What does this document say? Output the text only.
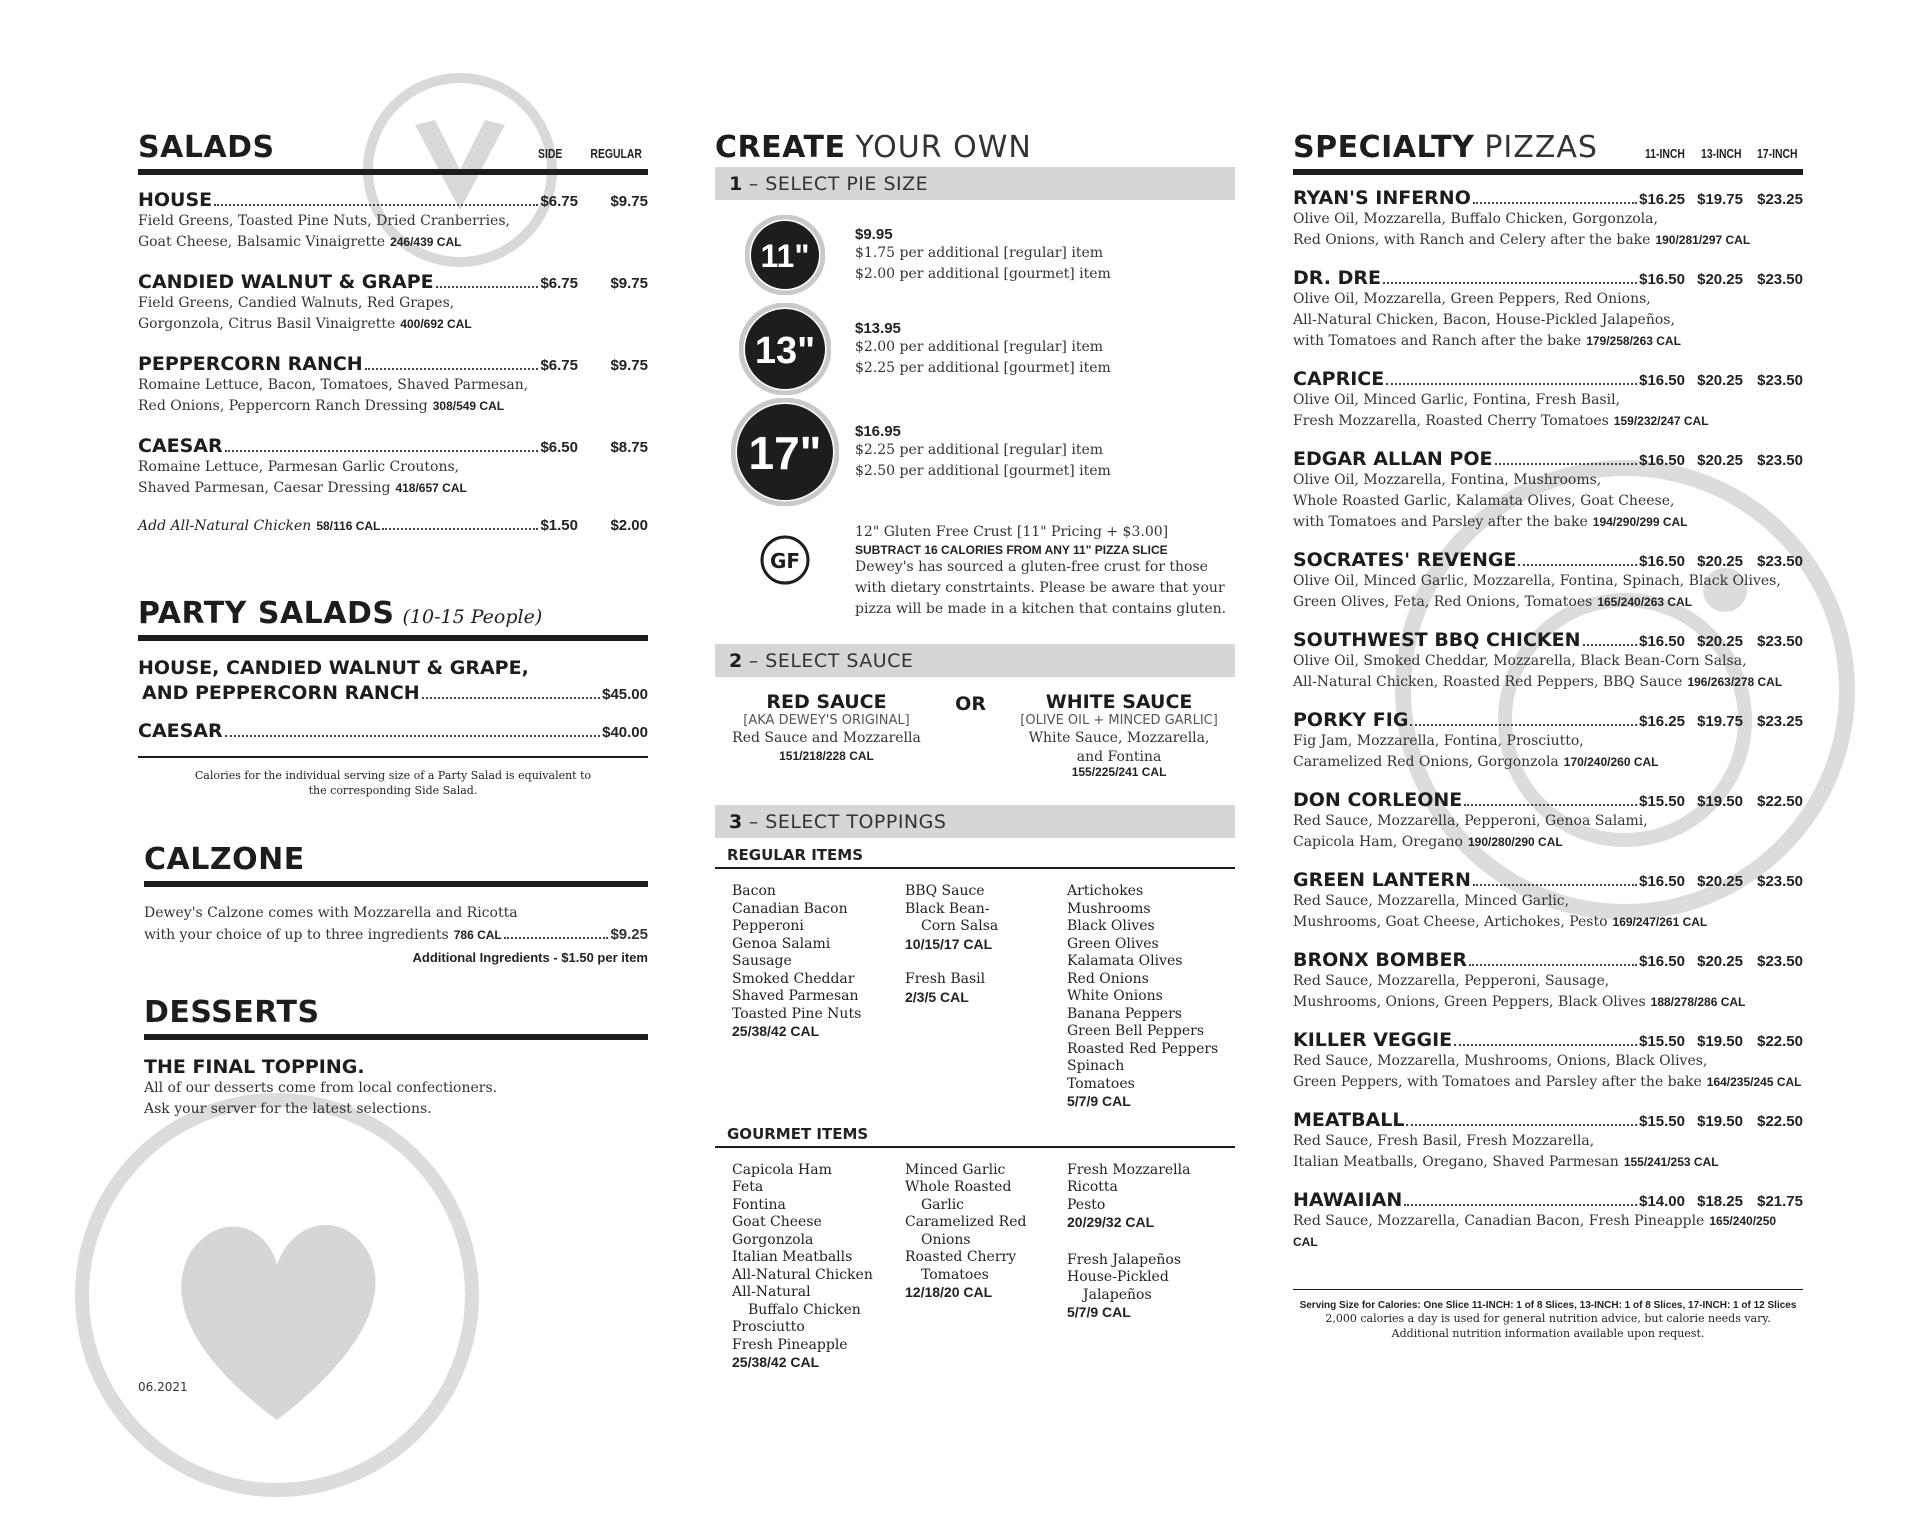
SALADS	SIDE REGULAR
HOUSE	$6.75	$9.75
Field Greens, Toasted Pine Nuts, Dried Cranberries,
Goat Cheese, Balsamic Vinaigrette 246/439 CAL
CANDIED WALNUT & GRAPE	$6.75	$9.75
Field Greens, Candied Walnuts, Red Grapes,
Gorgonzola, Citrus Basil Vinaigrette 400/692 CAL
PEPPERCORN RANCH	$6.75	$9.75
Romaine Lettuce, Bacon, Tomatoes, Shaved Parmesan,
Red Onions, Peppercorn Ranch Dressing 308/549 CAL
CAESAR	$6.50	$8.75
Romaine Lettuce, Parmesan Garlic Croutons,
Shaved Parmesan, Caesar Dressing 418/657 CAL
Add All-Natural Chicken 58/116 CAL	$1.50	$2.00
PARTY SALADS (10-15 People)
HOUSE, CANDIED WALNUT & GRAPE,
AND PEPPERCORN RANCH	$45.00
CAESAR	$40.00
Calories for the individual serving size of a Party Salad is equivalent to
the corresponding Side Salad.
CALZONE
Dewey's Calzone comes with Mozzarella and Ricotta
with your choice of up to three ingredients 786 CAL	$9.25
Additional Ingredients - $1.50 per item
DESSERTS
THE FINAL TOPPING.
All of our desserts come from local confectioners.
Ask your server for the latest selections.
06.2021
CREATE YOUR OWN
1 – SELECT PIE SIZE
11"
$9.95
$1.75 per additional [regular] item
$2.00 per additional [gourmet] item
13"
$13.95
$2.00 per additional [regular] item
$2.25 per additional [gourmet] item
17" $16.95
$2.25 per additional [regular] item
$2.50 per additional [gourmet] item
GF
12" Gluten Free Crust [11" Pricing + $3.00]
SUBTRACT 16 CALORIES FROM ANY 11" PIZZA SLICE
Dewey's has sourced a gluten-free crust for those
with dietary constrtaints. Please be aware that your
pizza will be made in a kitchen that contains gluten.
2 – SELECT SAUCE
RED SAUCE
[AKA DEWEY'S ORIGINAL]
Red Sauce and Mozzarella
151/218/228 CAL
OR	WHITE SAUCE
[OLIVE OIL + MINCED GARLIC]
White Sauce, Mozzarella,
and Fontina
155/225/241 CAL
3 – SELECT TOPPINGS
REGULAR ITEMS
Bacon
Canadian Bacon
Pepperoni
Genoa Salami
Sausage
Smoked Cheddar
Shaved Parmesan
Toasted Pine Nuts
25/38/42 CAL
BBQ Sauce
Black Bean-
Corn Salsa
10/15/17 CAL
Fresh Basil
2/3/5 CAL
Artichokes
Mushrooms
Black Olives
Green Olives
Kalamata Olives
Red Onions
White Onions
Banana Peppers
Green Bell Peppers
Roasted Red Peppers
Spinach
Tomatoes
5/7/9 CAL
GOURMET ITEMS
Capicola Ham
Feta
Fontina
Goat Cheese
Gorgonzola
Italian Meatballs
All-Natural Chicken
All-Natural
Buffalo Chicken
Prosciutto
Fresh Pineapple
25/38/42 CAL
Minced Garlic
Whole Roasted
Garlic
Caramelized Red
Onions
Roasted Cherry
Tomatoes
12/18/20 CAL
Fresh Mozzarella
Ricotta
Pesto
20/29/32 CAL
Fresh Jalapeños
House-Pickled
Jalapeños
5/7/9 CAL
SPECIALTY PIZZAS	11-INCH 13-INCH 17-INCH
RYAN'S INFERNO	$16.25 $19.75 $23.25
Olive Oil, Mozzarella, Buffalo Chicken, Gorgonzola,
Red Onions, with Ranch and Celery after the bake 190/281/297 CAL
DR. DRE	$16.50 $20.25 $23.50
Olive Oil, Mozzarella, Green Peppers, Red Onions,
All-Natural Chicken, Bacon, House-Pickled Jalapeños,
with Tomatoes and Ranch after the bake 179/258/263 CAL
CAPRICE	$16.50 $20.25 $23.50
Olive Oil, Minced Garlic, Fontina, Fresh Basil,
Fresh Mozzarella, Roasted Cherry Tomatoes 159/232/247 CAL
EDGAR ALLAN POE	$16.50 $20.25 $23.50
Olive Oil, Mozzarella, Fontina, Mushrooms,
Whole Roasted Garlic, Kalamata Olives, Goat Cheese,
with Tomatoes and Parsley after the bake 194/290/299 CAL
SOCRATES' REVENGE	$16.50 $20.25 $23.50
Olive Oil, Minced Garlic, Mozzarella, Fontina, Spinach, Black Olives,
Green Olives, Feta, Red Onions, Tomatoes 165/240/263 CAL
SOUTHWEST BBQ CHICKEN	$16.50 $20.25 $23.50
Olive Oil, Smoked Cheddar, Mozzarella, Black Bean-Corn Salsa,
All-Natural Chicken, Roasted Red Peppers, BBQ Sauce 196/263/278 CAL
PORKY FIG	$16.25 $19.75 $23.25
Fig Jam, Mozzarella, Fontina, Prosciutto,
Caramelized Red Onions, Gorgonzola 170/240/260 CAL
DON CORLEONE	$15.50 $19.50 $22.50
Red Sauce, Mozzarella, Pepperoni, Genoa Salami,
Capicola Ham, Oregano 190/280/290 CAL
GREEN LANTERN	$16.50 $20.25 $23.50
Red Sauce, Mozzarella, Minced Garlic,
Mushrooms, Goat Cheese, Artichokes, Pesto 169/247/261 CAL
BRONX BOMBER	$16.50 $20.25 $23.50
Red Sauce, Mozzarella, Pepperoni, Sausage,
Mushrooms, Onions, Green Peppers, Black Olives 188/278/286 CAL
KILLER VEGGIE	$15.50 $19.50 $22.50
Red Sauce, Mozzarella, Mushrooms, Onions, Black Olives,
Green Peppers, with Tomatoes and Parsley after the bake 164/235/245 CAL
MEATBALL	$15.50 $19.50 $22.50
Red Sauce, Fresh Basil, Fresh Mozzarella,
Italian Meatballs, Oregano, Shaved Parmesan 155/241/253 CAL
HAWAIIAN	$14.00 $18.25 $21.75
Red Sauce, Mozzarella, Canadian Bacon, Fresh Pineapple 165/240/250 CAL
Serving Size for Calories: One Slice 11-INCH: 1 of 8 Slices, 13-INCH: 1 of 8 Slices, 17-INCH: 1 of 12 Slices
2,000 calories a day is used for general nutrition advice, but calorie needs vary.
Additional nutrition information available upon request.
